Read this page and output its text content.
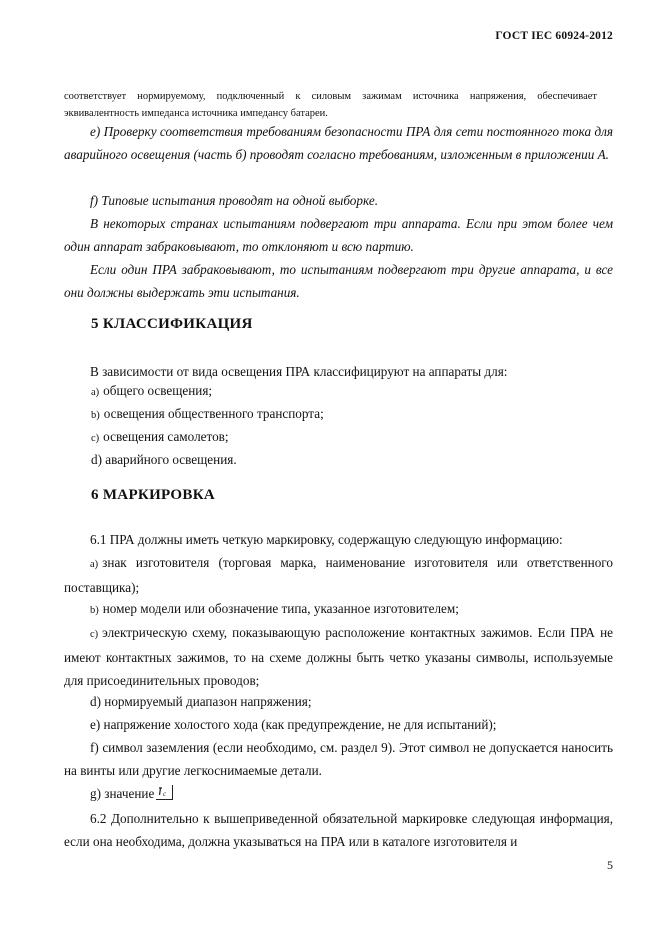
ГОСТ IEC 60924-2012

соответствует нормируемому, подключенный к силовым зажимам источника напряжения, обеспечивает эквивалентность импеданса источника импедансу батареи.

e) Проверку соответствия требованиям безопасности ПРА для сети постоянного тока для аварийного освещения (часть б) проводят согласно требованиям, изложенным в приложении А.

f) Типовые испытания проводят на одной выборке.

В некоторых странах испытаниям подвергают три аппарата. Если при этом более чем один аппарат забраковывают, то отклоняют и всю партию.

Если один ПРА забраковывают, то испытаниям подвергают три другие аппарата, и все они должны выдержать эти испытания.

5 КЛАССИФИКАЦИЯ

В зависимости от вида освещения ПРА классифицируют на аппараты для:

а) общего освещения;
b) освещения общественного транспорта;
с) освещения самолетов;
d) аварийного освещения.
6 МАРКИРОВКА

6.1 ПРА должны иметь четкую маркировку, содержащую следующую информацию:

а) знак изготовителя (торговая марка, наименование изготовителя или ответственного поставщика);

b) номер модели или обозначение типа, указанное изготовителем;

с) электрическую схему, показывающую расположение контактных зажимов. Если ПРА не имеют контактных зажимов, то на схеме должны быть четко указаны символы, используемые для присоединительных проводов;

d) нормируемый диапазон напряжения;

e) напряжение холостого хода (как предупреждение, не для испытаний);

f) символ заземления (если необходимо, см. раздел 9). Этот символ не допускается наносить на винты или другие легкоснимаемые детали.

g) значение c

6.2 Дополнительно к вышеприведенной обязательной маркировке следующая информация, если она необходима, должна указываться на ПРА или в каталоге изготовителя и

5
